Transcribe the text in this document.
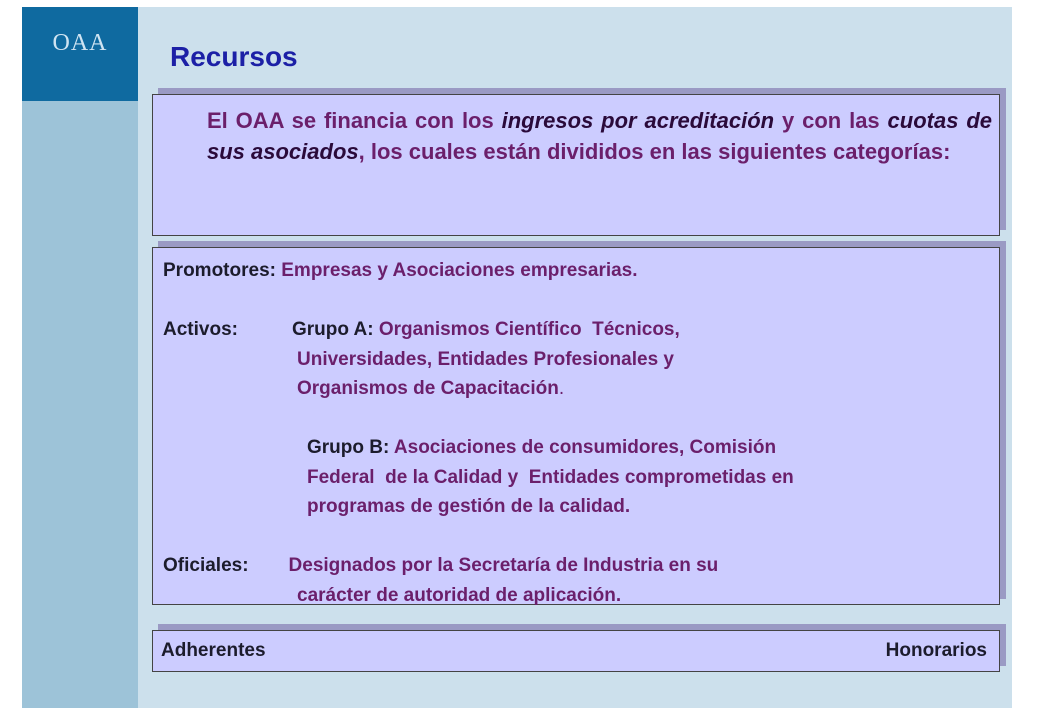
OAA Recursos
El OAA se financia con los ingresos por acreditación y con las cuotas de sus asociados, los cuales están divididos en las siguientes categorías:
Promotores: Empresas y Asociaciones empresarias.
Activos:	Grupo A: Organismos Científico  Técnicos,
Universidades, Entidades Profesionales y
Organismos de Capacitación.
Grupo B: Asociaciones de consumidores, Comisión
Federal  de la Calidad y  Entidades comprometidas en
programas de gestión de la calidad.
Oficiales: Designados por la Secretaría de Industria en su
carácter de autoridad de aplicación.
Adherentes	Honorarios
